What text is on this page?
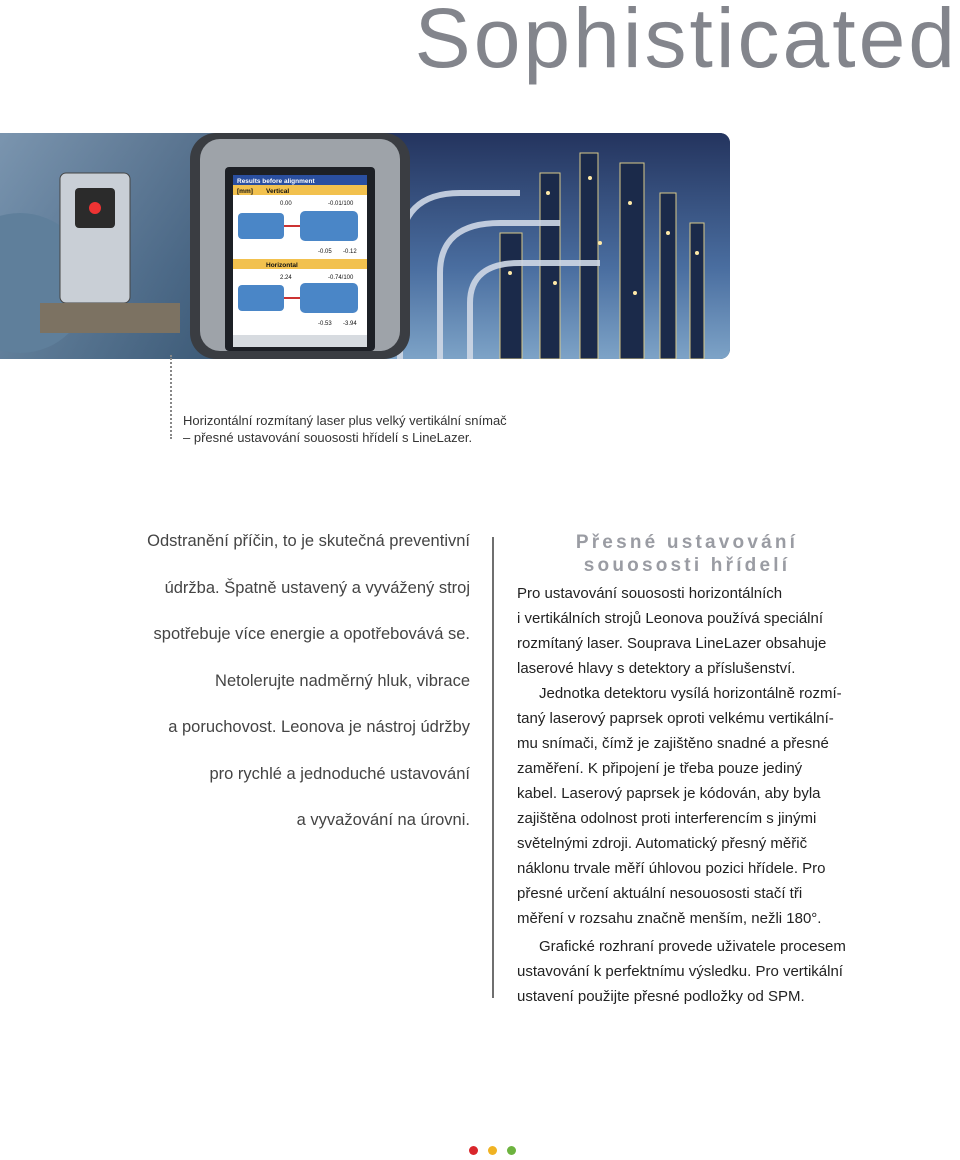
Sophisticated
Results before alignment
[mm] Vertical
0.00	-0.01/100
-0.05 -0.12
Horizontal
2.24	-0.74/100
-0.53 -3.94
Horizontální rozmítaný laser plus velký vertikální snímač
– přesné ustavování souososti hřídelí s LineLazer.
Odstranění příčin, to je skutečná preventivní
údržba. Špatně ustavený a vyvážený stroj
spotřebuje více energie a opotřebovává se.
Netolerujte nadměrný hluk, vibrace
a poruchovost. Leonova je nástroj údržby
pro rychlé a jednoduché ustavování
a vyvažování na úrovni.
Přesné ustavování
souososti hřídelí
Pro ustavování souososti horizontálních
i vertikálních strojů Leonova používá speciální
rozmítaný laser. Souprava LineLazer obsahuje
laserové hlavy s detektory a příslušenství.
Jednotka detektoru vysílá horizontálně rozmí-
taný laserový paprsek oproti velkému vertikální-
mu snímači, čímž je zajištěno snadné a přesné
zaměření. K připojení je třeba pouze jediný
kabel. Laserový paprsek je kódován, aby byla
zajištěna odolnost proti interferencím s jinými
světelnými zdroji. Automatický přesný měřič
náklonu trvale měří úhlovou pozici hřídele. Pro
přesné určení aktuální nesouososti stačí tři
měření v rozsahu značně menším, nežli 180°.
Grafické rozhraní provede uživatele procesem
ustavování k perfektnímu výsledku. Pro vertikální
ustavení použijte přesné podložky od SPM.
